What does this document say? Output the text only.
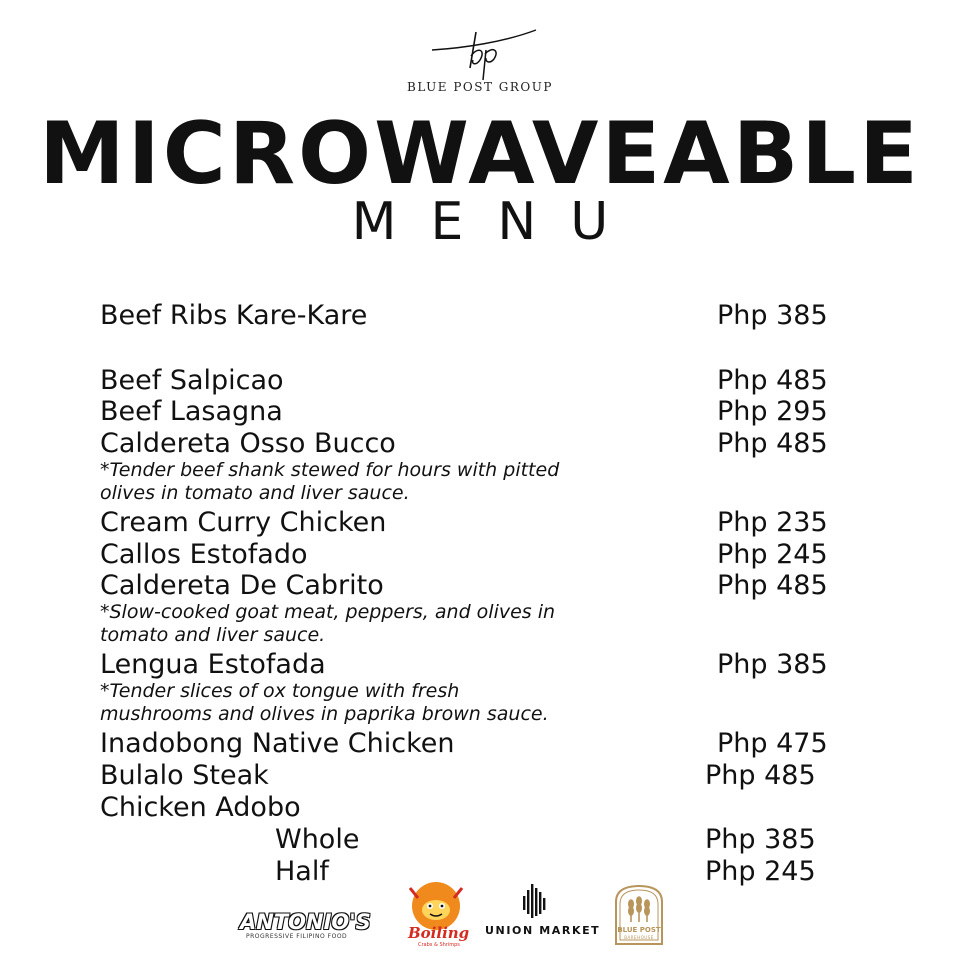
BLUE POST GROUP
MICROWAVEABLE
MENU
Beef Ribs Kare-Kare	Php 385
Beef Salpicao	Php 485
Beef Lasagna	Php 295
Caldereta Osso Bucco	Php 485
*Tender beef shank stewed for hours with pitted
olives in tomato and liver sauce.
Cream Curry Chicken	Php 235
Callos Estofado	Php 245
Caldereta De Cabrito	Php 485
*Slow-cooked goat meat, peppers, and olives in
tomato and liver sauce.
Lengua Estofada	Php 385
*Tender slices of ox tongue with fresh
mushrooms and olives in paprika brown sauce.
Inadobong Native Chicken	Php 475
Bulalo Steak	Php 485
Chicken Adobo
Whole	Php 385
Half	Php 245
ANTONIO'S
PROGRESSIVE FILIPINO FOOD	Boiling
Crabs & Shrimps
UNION MARKET	BLUE POST
BAREHOUSE
